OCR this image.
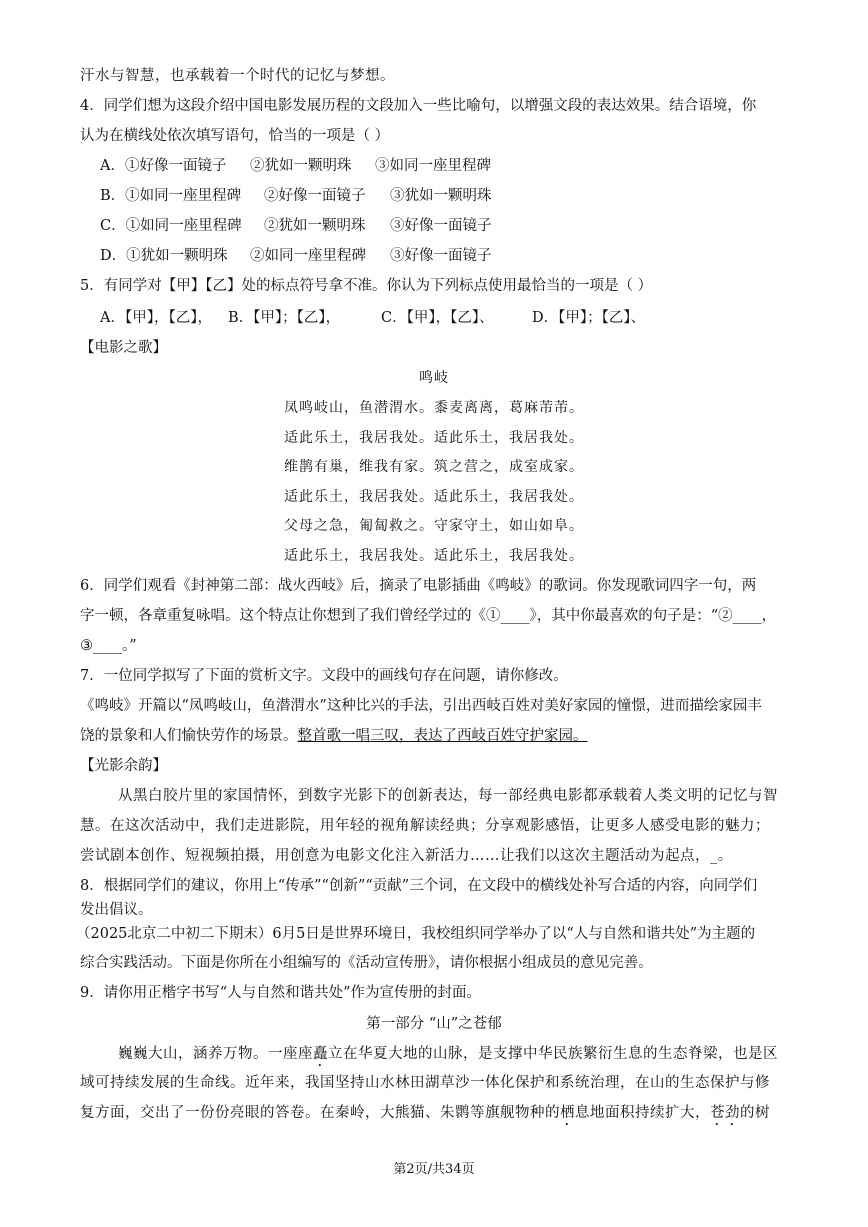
汗水与智慧，也承载着一个时代的记忆与梦想。
4．同学们想为这段介绍中国电影发展历程的文段加入一些比喻句，以增强文段的表达效果。结合语境，你
认为在横线处依次填写语句，恰当的一项是（ ）
A．①好像一面镜子 ②犹如一颗明珠 ③如同一座里程碑
B．①如同一座里程碑 ②好像一面镜子 ③犹如一颗明珠
C．①如同一座里程碑 ②犹如一颗明珠 ③好像一面镜子
D．①犹如一颗明珠 ②如同一座里程碑 ③好像一面镜子
5．有同学对【甲】【乙】处的标点符号拿不准。你认为下列标点使用最恰当的一项是（ ）
A．【甲】，【乙】， B．【甲】；【乙】，	C．【甲】，【乙】、	D．【甲】；【乙】、
【电影之歌】
鸣岐
凤鸣岐山，鱼潜渭水。黍麦离离，葛麻芾芾。
适此乐土，我居我处。适此乐土，我居我处。
维鹊有巢，维我有家。筑之营之，成室成家。
适此乐土，我居我处。适此乐土，我居我处。
父母之急，匍匐救之。守家守土，如山如阜。
适此乐土，我居我处。适此乐土，我居我处。
6．同学们观看《封神第二部：战火西岐》后，摘录了电影插曲《鸣岐》的歌词。你发现歌词四字一句，两
字一顿，各章重复咏唱。这个特点让你想到了我们曾经学过的《①____》，其中你最喜欢的句子是：“②____，
③____。”
7．一位同学拟写了下面的赏析文字。文段中的画线句存在问题，请你修改。
《鸣岐》开篇以“凤鸣岐山，鱼潜渭水”这种比兴的手法，引出西岐百姓对美好家园的憧憬，进而描绘家园丰
饶的景象和人们愉快劳作的场景。整首歌一唱三叹，表达了西岐百姓守护家园。
【光影余韵】
从黑白胶片里的家国情怀，到数字光影下的创新表达，每一部经典电影都承载着人类文明的记忆与智
慧。在这次活动中，我们走进影院，用年轻的视角解读经典；分享观影感悟，让更多人感受电影的魅力；
尝试剧本创作、短视频拍摄，用创意为电影文化注入新活力……让我们以这次主题活动为起点，_。
8．根据同学们的建议，你用上“传承”“创新”“贡献”三个词，在文段中的横线处补写合适的内容，向同学们
发出倡议。
（2025北京二中初二下期末）6月5日是世界环境日，我校组织同学举办了以“人与自然和谐共处”为主题的
综合实践活动。下面是你所在小组编写的《活动宣传册》，请你根据小组成员的意见完善。
9．请你用正楷字书写“人与自然和谐共处”作为宣传册的封面。
第一部分 “山”之苍郁
巍巍大山，涵养万物。一座座矗立在华夏大地的山脉，是支撑中华民族繁衍生息的生态脊梁，也是区
域可持续发展的生命线。近年来，我国坚持山水林田湖草沙一体化保护和系统治理，在山的生态保护与修
复方面，交出了一份份亮眼的答卷。在秦岭，大熊猫、朱鹮等旗舰物种的栖息地面积持续扩大，苍劲的树
第2页/共34页
